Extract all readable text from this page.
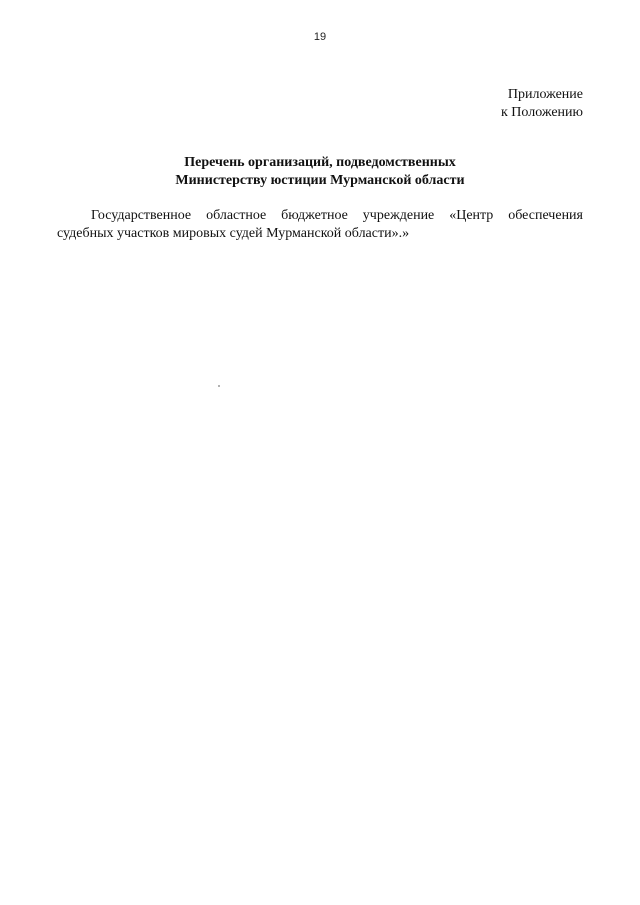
19
Приложение
к Положению
Перечень организаций, подведомственных
Министерству юстиции Мурманской области

Государственное областное бюджетное учреждение «Центр обеспечения судебных участков мировых судей Мурманской области».»
